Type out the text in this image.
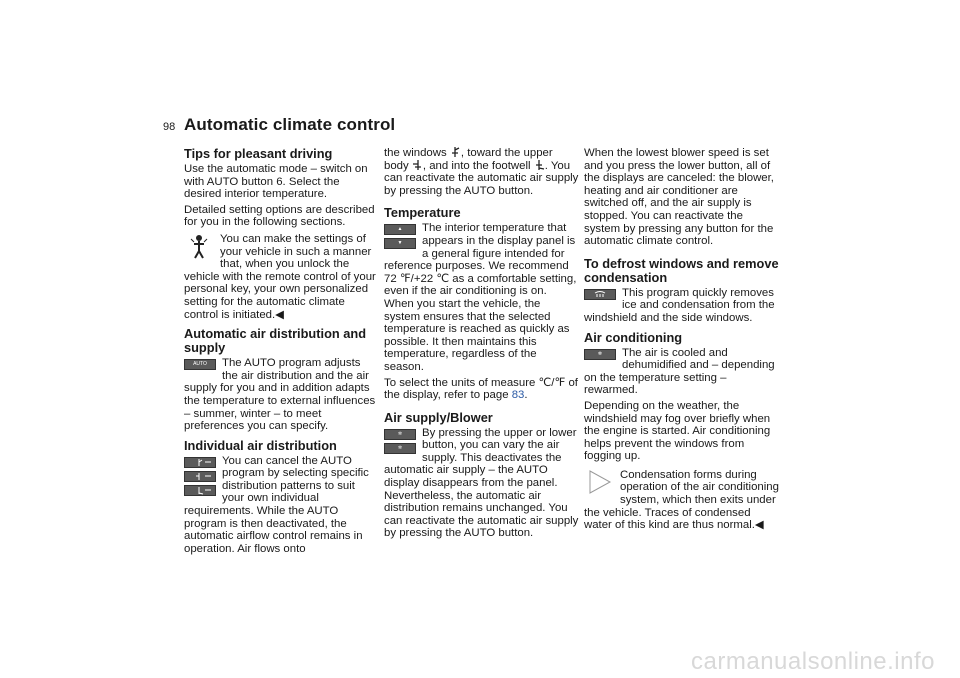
98 Automatic climate control
Tips for pleasant driving
Use the automatic mode – switch on with AUTO button 6. Select the desired interior temperature.
Detailed setting options are described for you in the following sections.
You can make the settings of your vehicle in such a manner that, when you unlock the vehicle with the remote control of your personal key, your own personalized setting for the automatic climate control is initiated.◀
Automatic air distribution and supply
AUTO	The AUTO program adjusts the air distribution and the air supply for you and in addition adapts the temperature to external influences – summer, winter – to meet preferences you can specify.
Individual air distribution
You can cancel the AUTO program by selecting specific distribution patterns to suit your own individual requirements. While the AUTO program is then deactivated, the automatic airflow control remains in operation. Air flows onto
the windows , toward the upper body , and into the footwell . You can reactivate the automatic air supply by pressing the AUTO button.
Temperature
▲
▼
The interior temperature that appears in the display panel is a general figure intended for reference purposes. We recommend 72 ℉/+22 ℃ as a comfortable setting, even if the air conditioning is on. When you start the vehicle, the system ensures that the selected temperature is reached as quickly as possible. It then maintains this temperature, regardless of the season.
To select the units of measure ℃/℉ of the display, refer to page 83.
Air supply/Blower
✲
✲
By pressing the upper or lower button, you can vary the air supply. This deactivates the automatic air supply – the AUTO display disappears from the panel. Nevertheless, the automatic air distribution remains unchanged. You can reactivate the automatic air supply by pressing the AUTO button.
When the lowest blower speed is set and you press the lower button, all of the displays are canceled: the blower, heating and air conditioner are switched off, and the air supply is stopped. You can reactivate the system by pressing any button for the automatic climate control.
To defrost windows and remove condensation
This program quickly removes ice and condensation from the windshield and the side windows.
Air conditioning
❄	The air is cooled and dehumidified and – depending on the temperature setting – rewarmed.
Depending on the weather, the windshield may fog over briefly when the engine is started. Air conditioning helps prevent the windows from fogging up.
Condensation forms during operation of the air conditioning system, which then exits under the vehicle. Traces of condensed water of this kind are thus normal.◀
carmanualsonline.info
